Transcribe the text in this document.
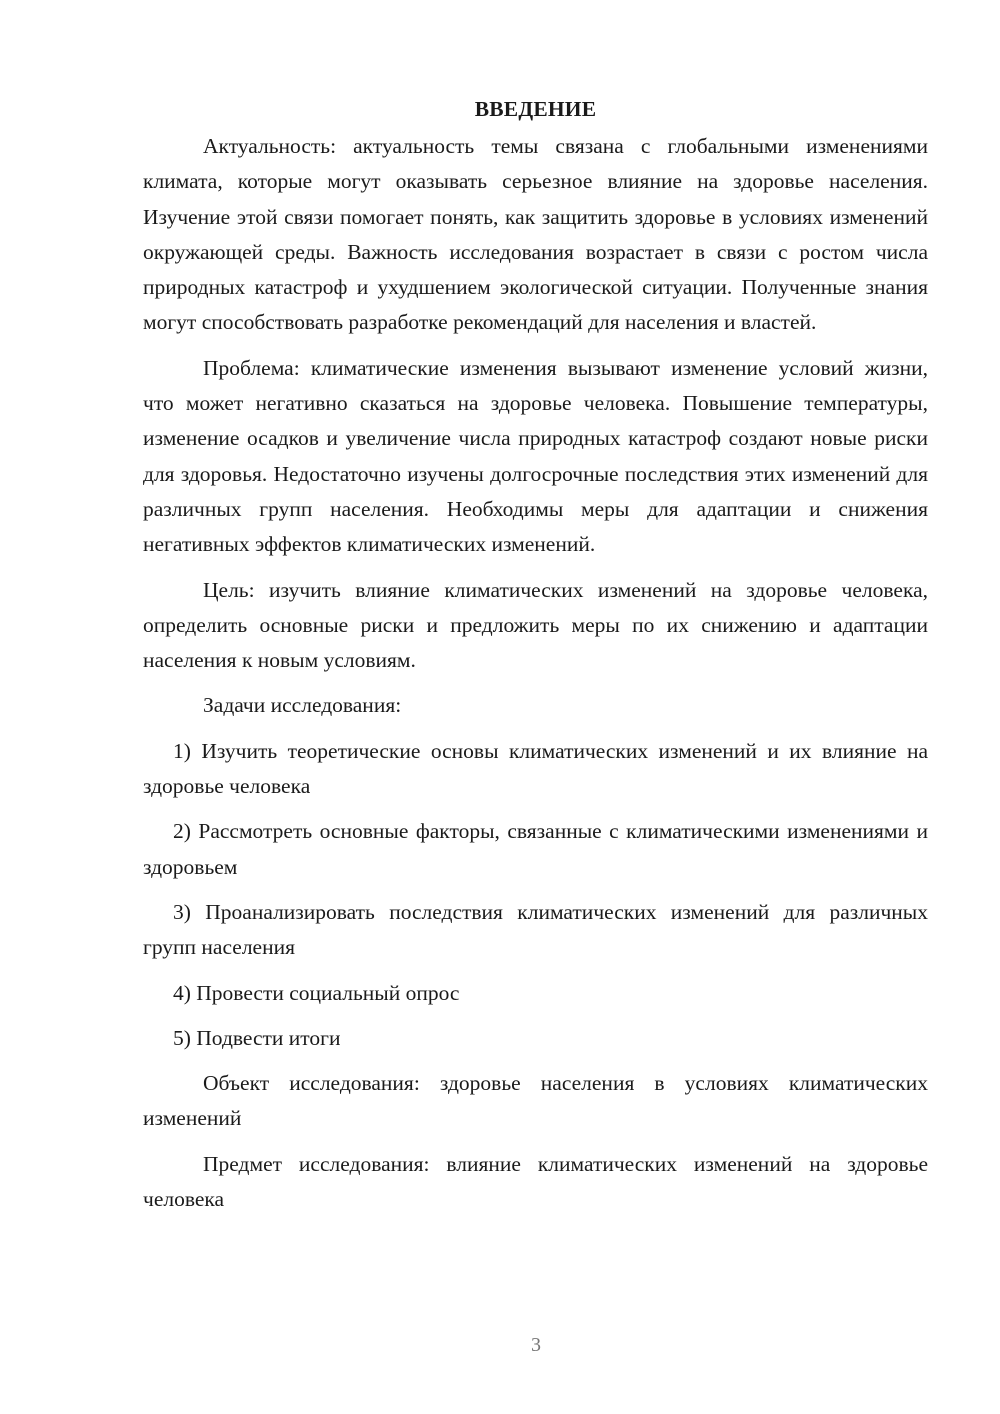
ВВЕДЕНИЕ

Актуальность: актуальность темы связана с глобальными изменениями климата, которые могут оказывать серьезное влияние на здоровье населения. Изучение этой связи помогает понять, как защитить здоровье в условиях изменений окружающей среды. Важность исследования возрастает в связи с ростом числа природных катастроф и ухудшением экологической ситуации. Полученные знания могут способствовать разработке рекомендаций для населения и властей.

Проблема: климатические изменения вызывают изменение условий жизни, что может негативно сказаться на здоровье человека. Повышение температуры, изменение осадков и увеличение числа природных катастроф создают новые риски для здоровья. Недостаточно изучены долгосрочные последствия этих изменений для различных групп населения. Необходимы меры для адаптации и снижения негативных эффектов климатических изменений.

Цель: изучить влияние климатических изменений на здоровье человека, определить основные риски и предложить меры по их снижению и адаптации населения к новым условиям.

Задачи исследования:

1) Изучить теоретические основы климатических изменений и их влияние на здоровье человека

2) Рассмотреть основные факторы, связанные с климатическими изменениями и здоровьем

3) Проанализировать последствия климатических изменений для различных групп населения

4) Провести социальный опрос

5) Подвести итоги

Объект исследования: здоровье населения в условиях климатических изменений

Предмет исследования: влияние климатических изменений на здоровье человека

3
